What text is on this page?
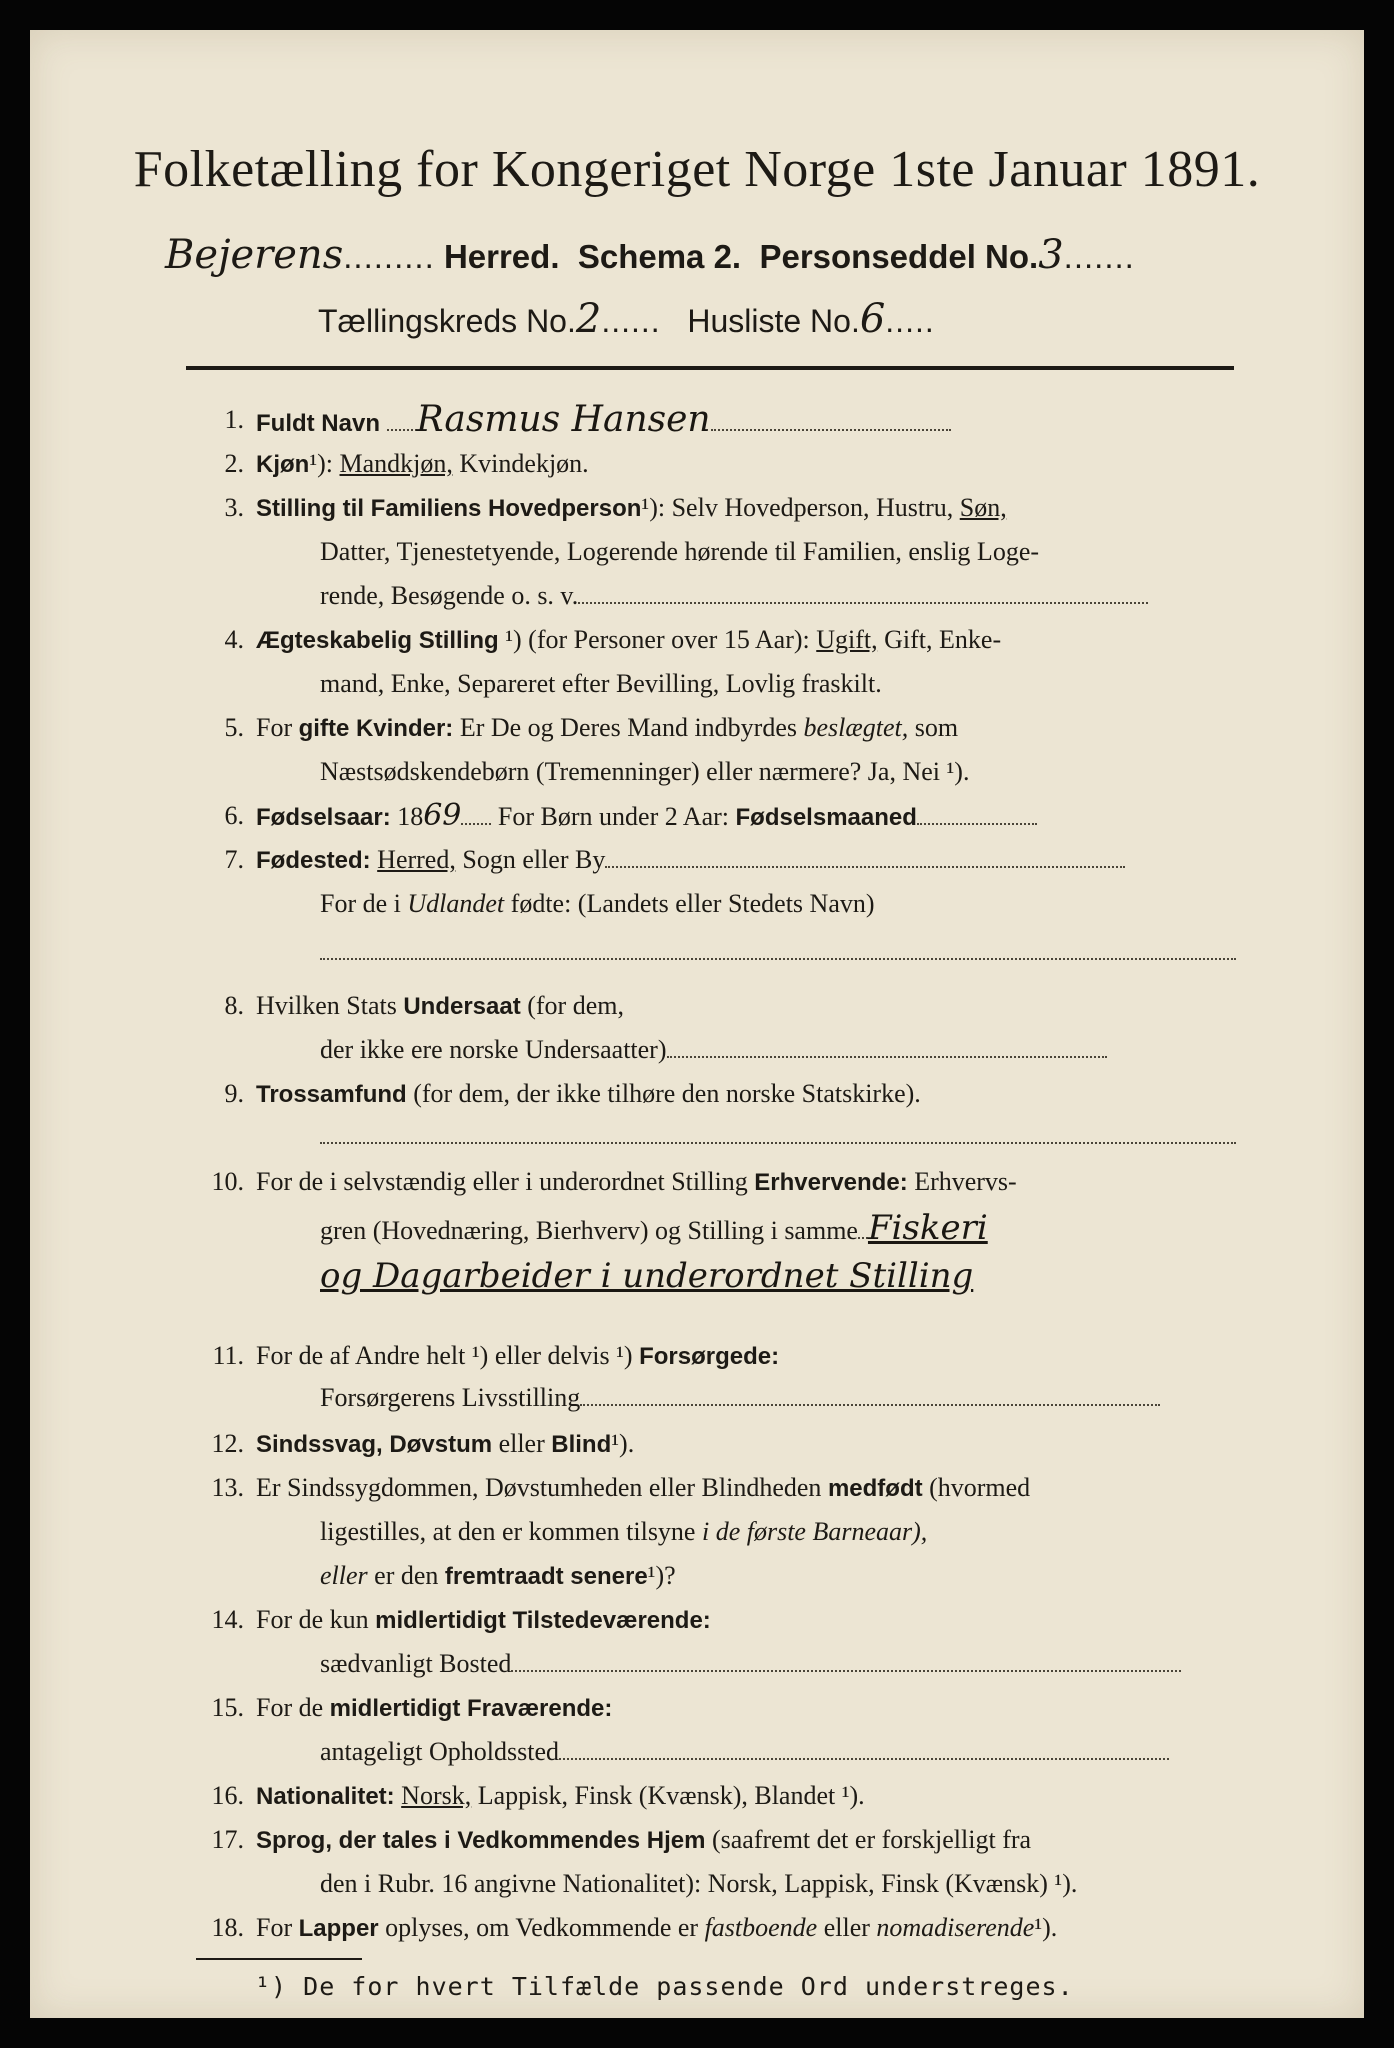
Folketælling for Kongeriget Norge 1ste Januar 1891.
Bejerens......... Herred. Schema 2. Personseddel No.3.......
Tællingskreds No.2...... Husliste No.6.....
1. Fuldt Navn Rasmus Hansen
2. Kjøn¹): Mandkjøn, Kvindekjøn.
3. Stilling til Familiens Hovedperson¹): Selv Hovedperson, Hustru, Søn,
Datter, Tjenestetyende, Logerende hørende til Familien, enslig Loge-
rende, Besøgende o. s. v.
4. Ægteskabelig Stilling ¹) (for Personer over 15 Aar): Ugift, Gift, Enke-
mand, Enke, Separeret efter Bevilling, Lovlig fraskilt.
5. For gifte Kvinder: Er De og Deres Mand indbyrdes beslægtet, som
Næstsødskendebørn (Tremenninger) eller nærmere? Ja, Nei ¹).
6. Fødselsaar: 1869 For Børn under 2 Aar: Fødselsmaaned
7. Fødested: Herred, Sogn eller By
For de i Udlandet fødte: (Landets eller Stedets Navn)
8. Hvilken Stats Undersaat (for dem,
der ikke ere norske Undersaatter)
9. Trossamfund (for dem, der ikke tilhøre den norske Statskirke).
10. For de i selvstændig eller i underordnet Stilling Erhvervende: Erhvervs-
gren (Hovednæring, Bierhverv) og Stilling i samme Fiskeri
og Dagarbeider i underordnet Stilling
11. For de af Andre helt ¹) eller delvis ¹) Forsørgede:
Forsørgerens Livsstilling
12. Sindssvag, Døvstum eller Blind¹).
13. Er Sindssygdommen, Døvstumheden eller Blindheden medfødt (hvormed
ligestilles, at den er kommen tilsyne i de første Barneaar),
eller er den fremtraadt senere¹)?
14. For de kun midlertidigt Tilstedeværende:
sædvanligt Bosted
15. For de midlertidigt Fraværende:
antageligt Opholdssted
16. Nationalitet: Norsk, Lappisk, Finsk (Kvænsk), Blandet ¹).
17. Sprog, der tales i Vedkommendes Hjem (saafremt det er forskjelligt fra
den i Rubr. 16 angivne Nationalitet): Norsk, Lappisk, Finsk (Kvænsk) ¹).
18. For Lapper oplyses, om Vedkommende er fastboende eller nomadiserende¹).
¹) De for hvert Tilfælde passende Ord understreges.
